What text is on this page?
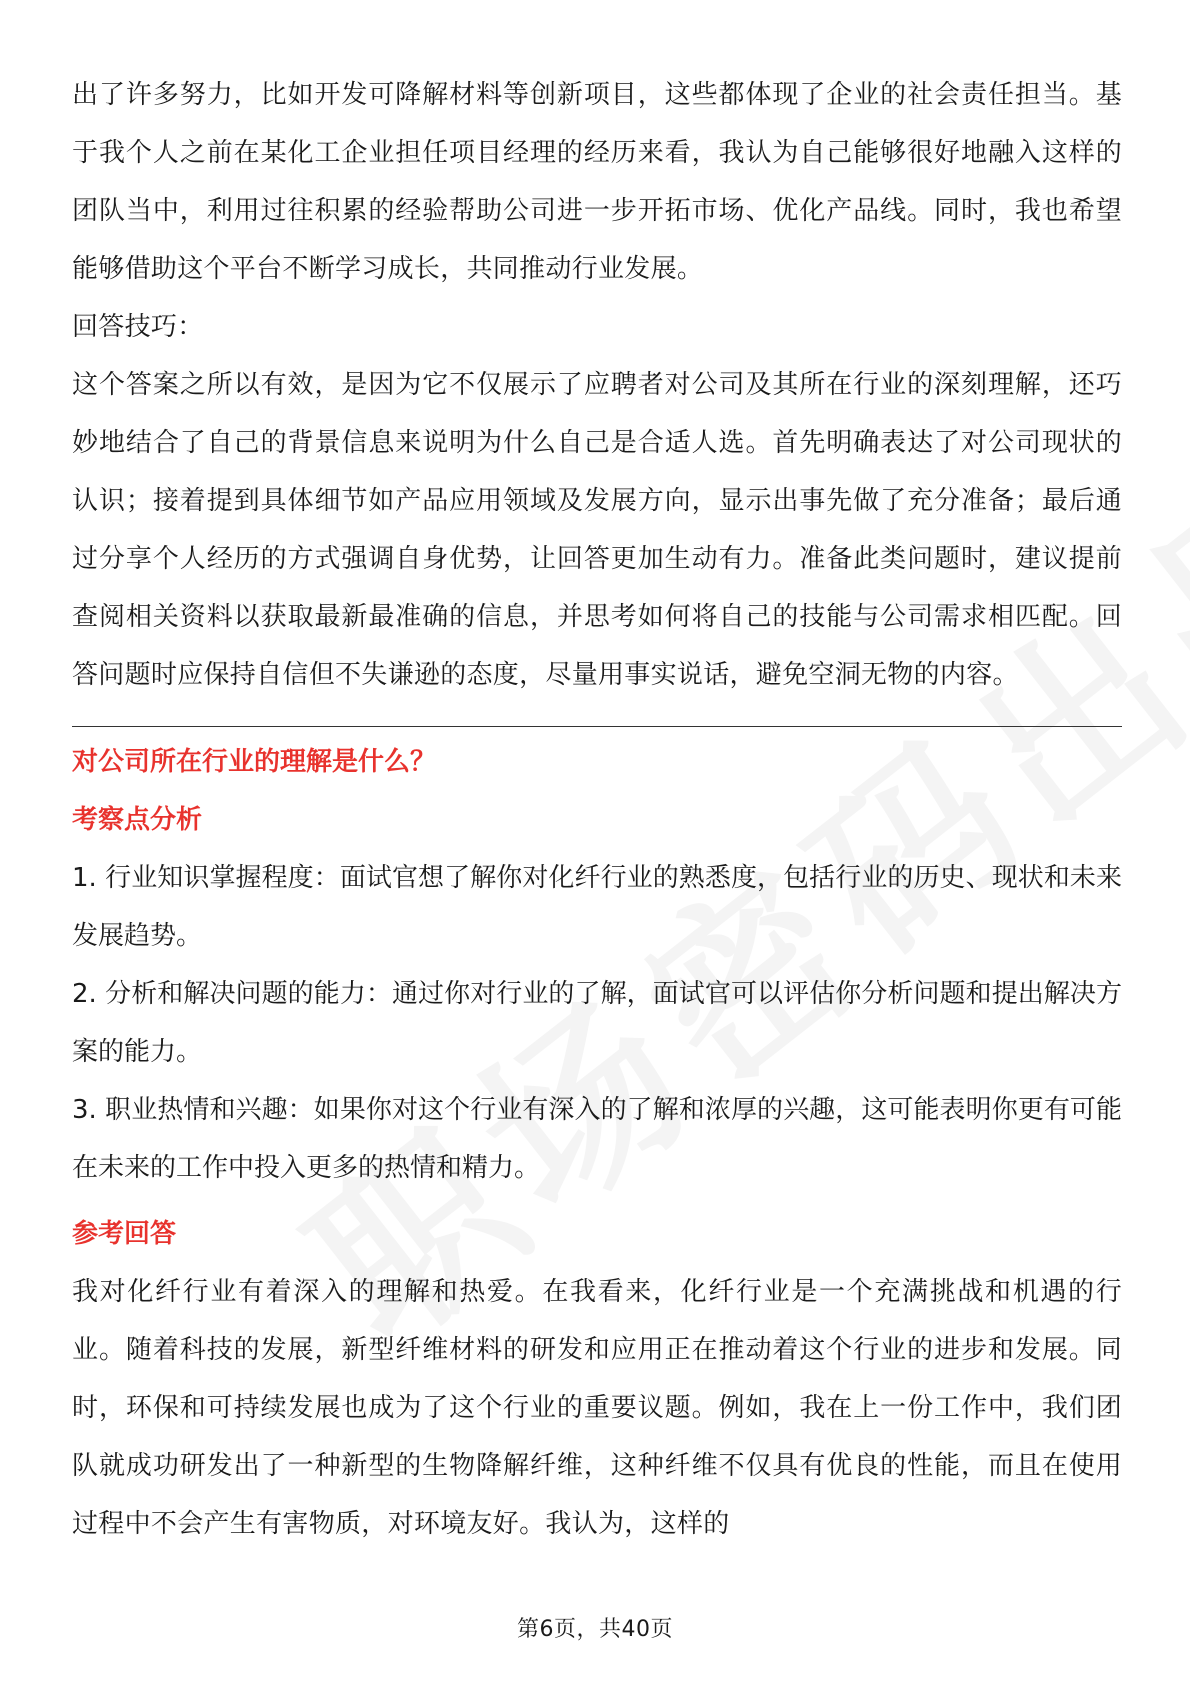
出了许多努力，比如开发可降解材料等创新项目，这些都体现了企业的社会责任担当。基于我个人之前在某化工企业担任项目经理的经历来看，我认为自己能够很好地融入这样的团队当中，利用过往积累的经验帮助公司进一步开拓市场、优化产品线。同时，我也希望能够借助这个平台不断学习成长，共同推动行业发展。

回答技巧：

这个答案之所以有效，是因为它不仅展示了应聘者对公司及其所在行业的深刻理解，还巧妙地结合了自己的背景信息来说明为什么自己是合适人选。首先明确表达了对公司现状的认识；接着提到具体细节如产品应用领域及发展方向，显示出事先做了充分准备；最后通过分享个人经历的方式强调自身优势，让回答更加生动有力。准备此类问题时，建议提前查阅相关资料以获取最新最准确的信息，并思考如何将自己的技能与公司需求相匹配。回答问题时应保持自信但不失谦逊的态度，尽量用事实说话，避免空洞无物的内容。

对公司所在行业的理解是什么？

考察点分析

1. 行业知识掌握程度：面试官想了解你对化纤行业的熟悉度，包括行业的历史、现状和未来发展趋势。

2. 分析和解决问题的能力：通过你对行业的了解，面试官可以评估你分析问题和提出解决方案的能力。

3. 职业热情和兴趣：如果你对这个行业有深入的了解和浓厚的兴趣，这可能表明你更有可能在未来的工作中投入更多的热情和精力。

参考回答

我对化纤行业有着深入的理解和热爱。在我看来，化纤行业是一个充满挑战和机遇的行业。随着科技的发展，新型纤维材料的研发和应用正在推动着这个行业的进步和发展。同时，环保和可持续发展也成为了这个行业的重要议题。例如，我在上一份工作中，我们团队就成功研发出了一种新型的生物降解纤维，这种纤维不仅具有优良的性能，而且在使用过程中不会产生有害物质，对环境友好。我认为，这样的

第6页，共40页
